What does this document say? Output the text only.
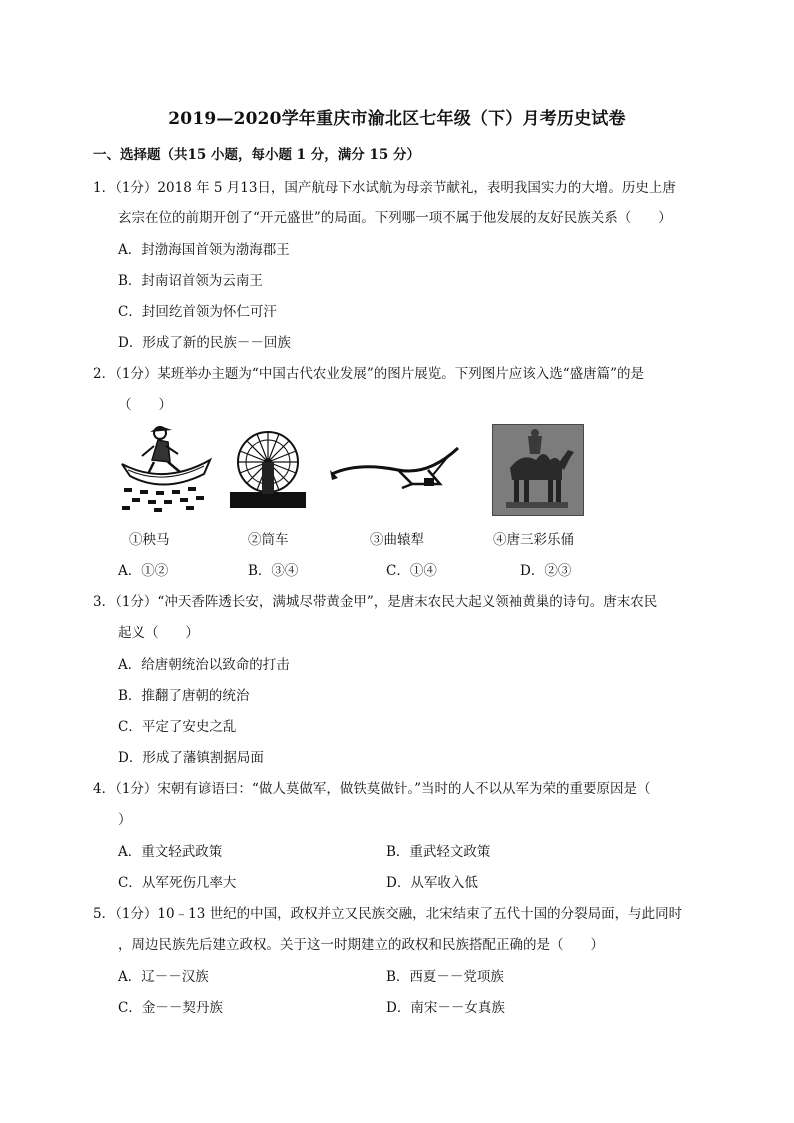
2019—2020学年重庆市渝北区七年级（下）月考历史试卷
一、选择题（共15 小题，每小题 1 分，满分 15 分）
1．（1分）2018 年 5 月13日，国产航母下水试航为母亲节献礼，表明我国实力的大增。历史上唐
玄宗在位的前期开创了“开元盛世”的局面。下列哪一项不属于他发展的友好民族关系（　　）
A．封渤海国首领为渤海郡王
B．封南诏首领为云南王
C．封回纥首领为怀仁可汗
D．形成了新的民族－－回族
2．（1分）某班举办主题为“中国古代农业发展”的图片展览。下列图片应该入选“盛唐篇”的是
（　　）
①秧马	②筒车	③曲辕犁	④唐三彩乐俑
A．①②	B．③④	C．①④	D．②③
3．（1分）“冲天香阵透长安，满城尽带黄金甲”，是唐末农民大起义领袖黄巢的诗句。唐末农民
起义（　　）
A．给唐朝统治以致命的打击
B．推翻了唐朝的统治
C．平定了安史之乱
D．形成了藩镇割据局面
4．（1分）宋朝有谚语曰：“做人莫做军，做铁莫做针。”当时的人不以从军为荣的重要原因是（
）
A．重文轻武政策	B．重武轻文政策
C．从军死伤几率大	D．从军收入低
5．（1分）10﹣13 世纪的中国，政权并立又民族交融，北宋结束了五代十国的分裂局面，与此同时
，周边民族先后建立政权。关于这一时期建立的政权和民族搭配正确的是（　　）
A．辽－－汉族	B．西夏－－党项族
C．金－－契丹族	D．南宋－－女真族
